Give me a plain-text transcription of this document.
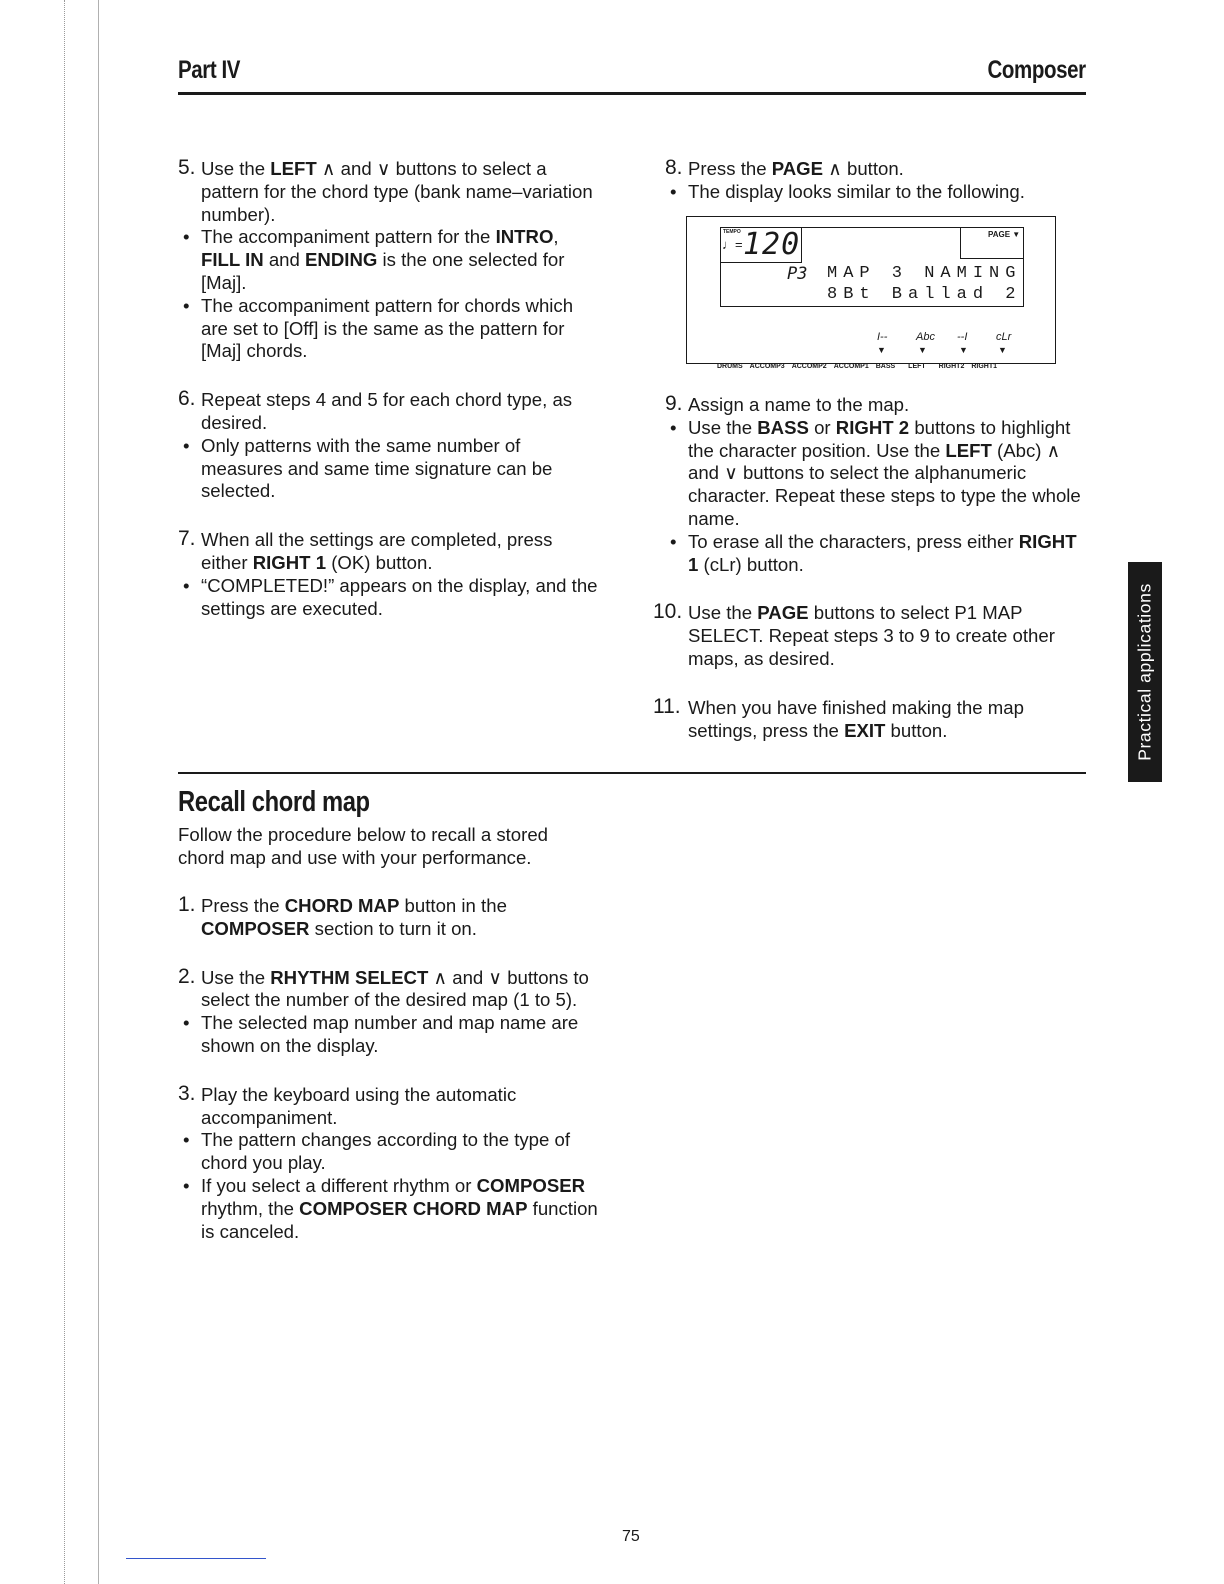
Part IV	Composer

5. Use the LEFT ∧ and ∨ buttons to select a pattern for the chord type (bank name–variation number).

• The accompaniment pattern for the INTRO, FILL IN and ENDING is the one selected for [Maj].

• The accompaniment pattern for chords which are set to [Off] is the same as the pattern for [Maj] chords.

6. Repeat steps 4 and 5 for each chord type, as desired.

• Only patterns with the same number of measures and same time signature can be selected.

7. When all the settings are completed, press either RIGHT 1 (OK) button.

• “COMPLETED!” appears on the display, and the settings are executed.

8. Press the PAGE ∧ button.

• The display looks similar to the following.

TEMPO
♩= 120	PAGE ▼
P3 MAP 3 NAMING
8Bt Ballad 2
I--	Abc --I	cLr
▼	▼	▼	▼
DRUMS ACCOMP3 ACCOMP2 ACCOMP1 BASS LEFT RIGHT2 RIGHT1

9. Assign a name to the map.

• Use the BASS or RIGHT 2 buttons to highlight the character position. Use the LEFT (Abc) ∧ and ∨ buttons to select the alphanumeric character. Repeat these steps to type the whole name.

• To erase all the characters, press either RIGHT 1 (cLr) button.

10. Use the PAGE buttons to select P1 MAP SELECT. Repeat steps 3 to 9 to create other maps, as desired.

11. When you have finished making the map settings, press the EXIT button.

Recall chord map

Follow the procedure below to recall a stored chord map and use with your performance.

1. Press the CHORD MAP button in the COMPOSER section to turn it on.

2. Use the RHYTHM SELECT ∧ and ∨ buttons to select the number of the desired map (1 to 5).

• The selected map number and map name are shown on the display.

3. Play the keyboard using the automatic accompaniment.

• The pattern changes according to the type of chord you play.

• If you select a different rhythm or COMPOSER rhythm, the COMPOSER CHORD MAP function is canceled.

Practical applications
75
